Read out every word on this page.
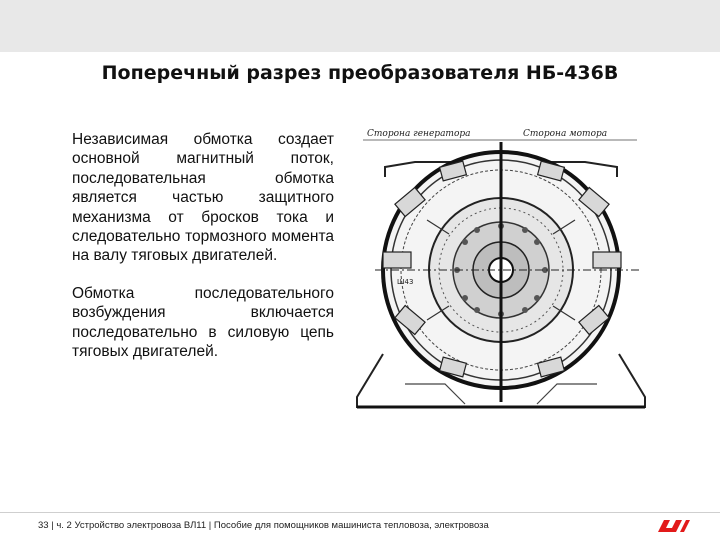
Поперечный разрез преобразователя НБ-436В

Независимая обмотка создает основной магнитный поток, последовательная обмотка является частью защитного механизма от бросков тока и следовательно тормозного момента на валу тяговых двигателей.

Обмотка последовательного возбуждения включается последовательно в силовую цепь тяговых двигателей.

Сторона генератора	Сторона мотора
Ш43
33 | ч. 2 Устройство электровоза ВЛ11 | Пособие для помощников машиниста тепловоза, электровоза
